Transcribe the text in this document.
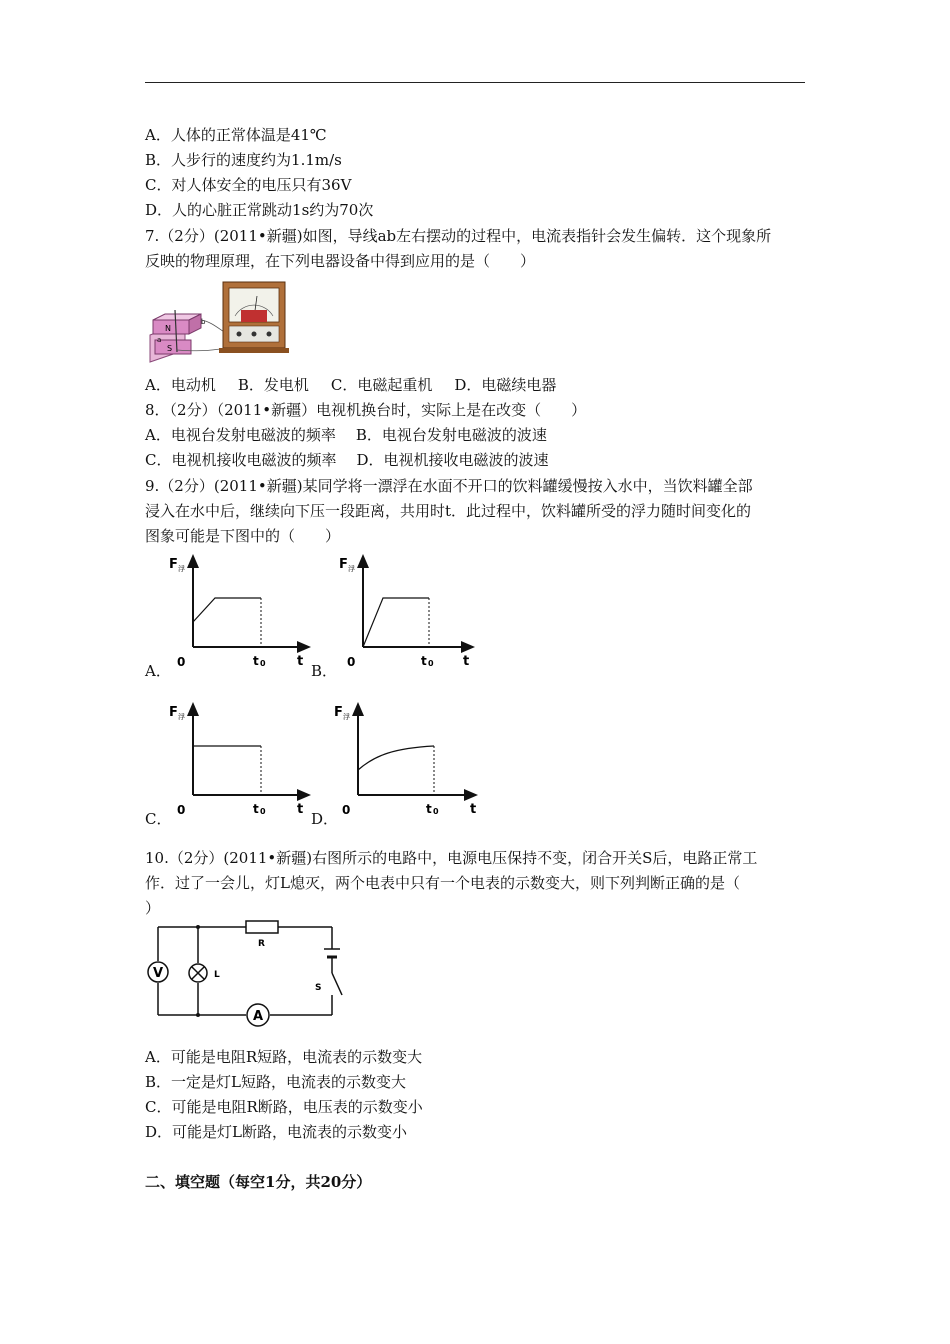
A．人体的正常体温是41℃
B．人步行的速度约为1.1m/s
C．对人体安全的电压只有36V
D．人的心脏正常跳动1s约为70次
7.（2分）(2011•新疆)如图，导线ab左右摆动的过程中，电流表指针会发生偏转．这个现象所
反映的物理原理，在下列电器设备中得到应用的是（　　）
N
S
a
b
A．电动机 B．发电机 C．电磁起重机 D．电磁续电器
8．（2分）（2011•新疆）电视机换台时，实际上是在改变（　　）
A．电视台发射电磁波的频率 B．电视台发射电磁波的波速
C．电视机接收电磁波的频率 D．电视机接收电磁波的波速
9.（2分）(2011•新疆)某同学将一漂浮在水面不开口的饮料罐缓慢按入水中，当饮料罐全部
浸入在水中后，继续向下压一段距离，共用时t．此过程中，饮料罐所受的浮力随时间变化的
图象可能是下图中的（　　）
F 浮
0	t 0 t
A．
F 浮
0	t 0 t
B．
F 浮
0	t 0 t
C．
F 浮
0	t 0 t
D．
10.（2分）(2011•新疆)右图所示的电路中，电源电压保持不变，闭合开关S后，电路正常工
作．过了一会儿，灯L熄灭，两个电表中只有一个电表的示数变大，则下列判断正确的是（
）
V	L
R
S
A
A．可能是电阻R短路，电流表的示数变大
B．一定是灯L短路，电流表的示数变大
C．可能是电阻R断路，电压表的示数变小
D．可能是灯L断路，电流表的示数变小
二、填空题（每空1分，共20分）
